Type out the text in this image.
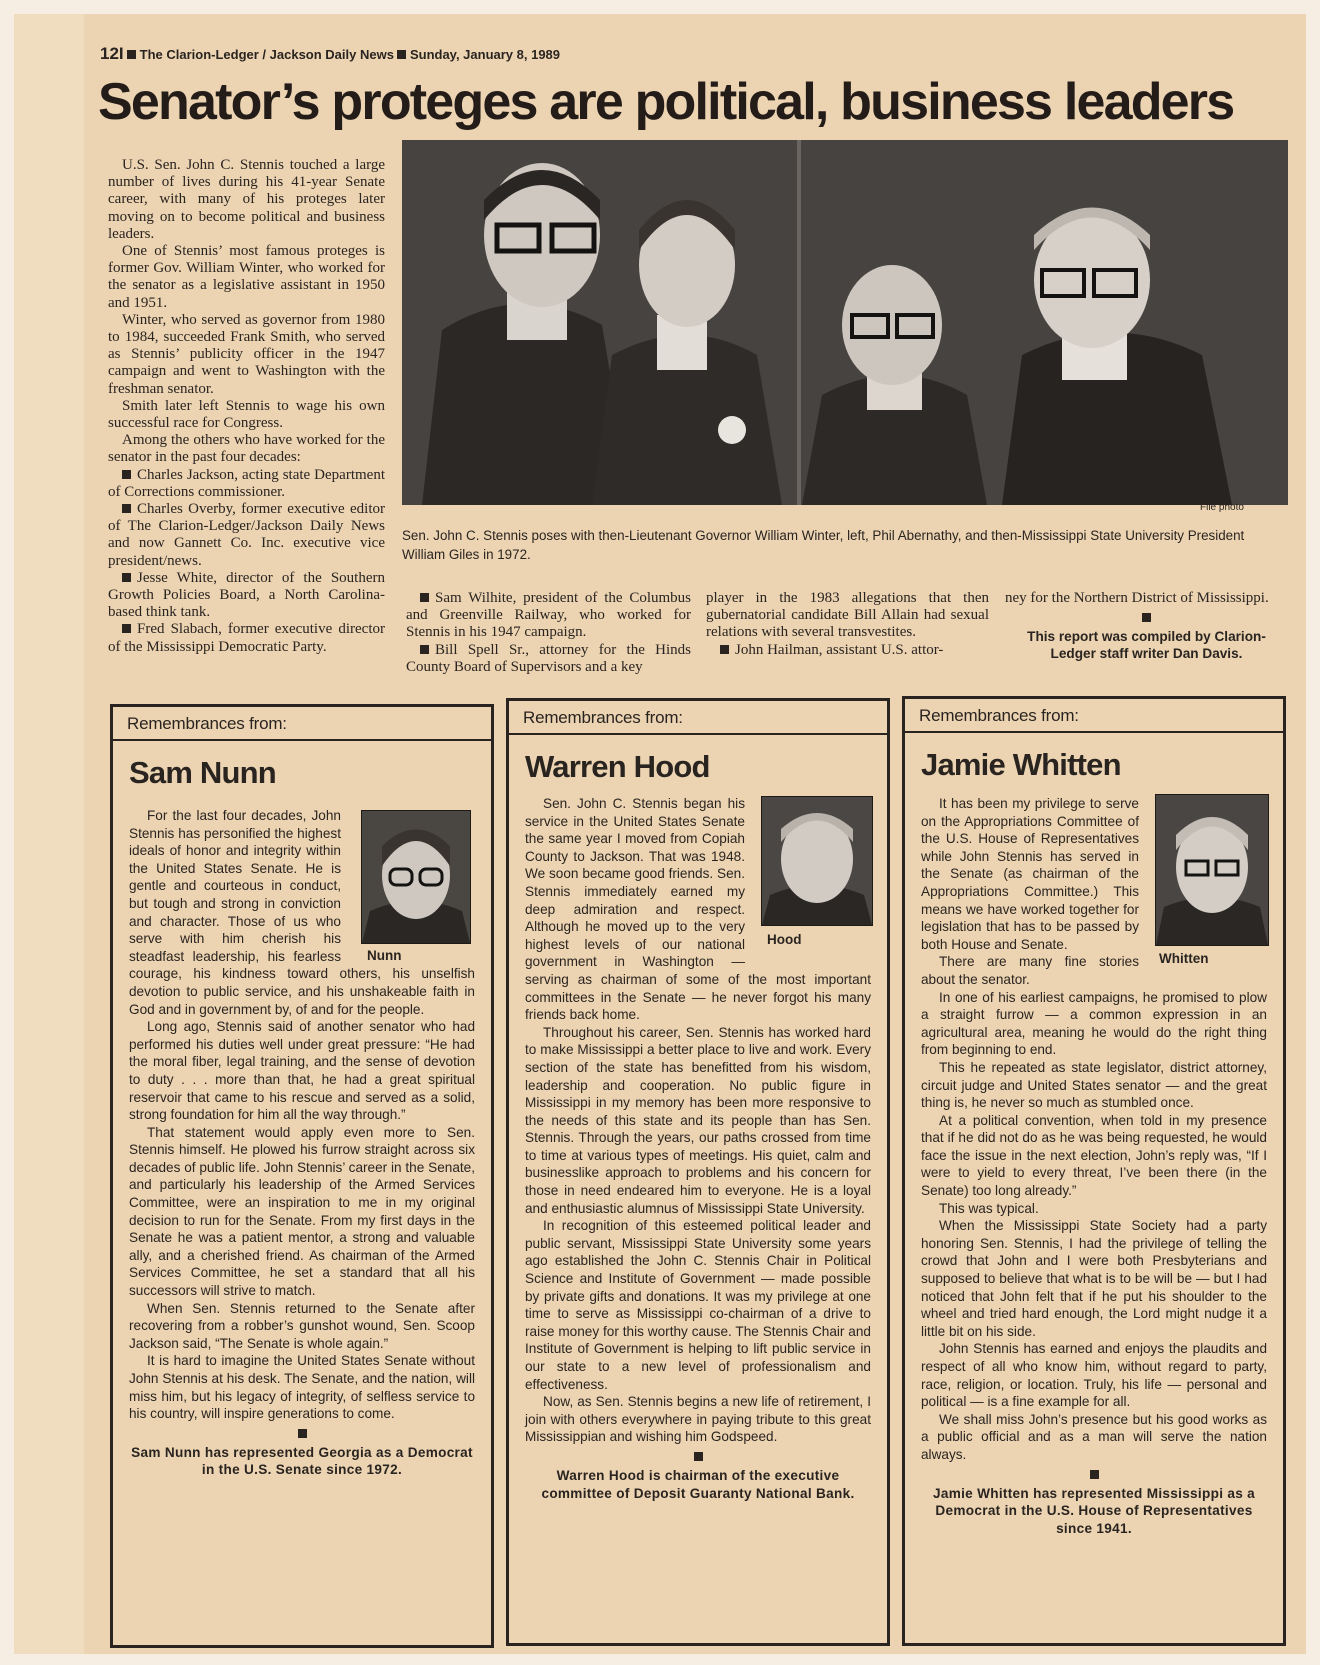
12I The Clarion-Ledger / Jackson Daily News Sunday, January 8, 1989
Senator’s proteges are political, business leaders

U.S. Sen. John C. Stennis touched a large number of lives during his 41-year Senate career, with many of his proteges later moving on to become political and business leaders.

One of Stennis’ most famous proteges is former Gov. William Winter, who worked for the senator as a legislative assistant in 1950 and 1951.

Winter, who served as governor from 1980 to 1984, succeeded Frank Smith, who served as Stennis’ publicity officer in the 1947 campaign and went to Washington with the freshman senator.

Smith later left Stennis to wage his own successful race for Congress.

Among the others who have worked for the senator in the past four decades:

Charles Jackson, acting state Department of Corrections commissioner.

Charles Overby, former executive editor of The Clarion-Ledger/Jackson Daily News and now Gannett Co. Inc. executive vice president/news.

Jesse White, director of the Southern Growth Policies Board, a North Carolina-based think tank.

Fred Slabach, former executive director of the Mississippi Democratic Party.

File photo
Sen. John C. Stennis poses with then-Lieutenant Governor William Winter, left, Phil Abernathy, and then-Mississippi State University President William Giles in 1972.

Sam Wilhite, president of the Columbus and Greenville Railway, who worked for Stennis in his 1947 campaign.

Bill Spell Sr., attorney for the Hinds County Board of Supervisors and a key

player in the 1983 allegations that then gubernatorial candidate Bill Allain had sexual relations with several transvestites.

John Hailman, assistant U.S. attor-

ney for the Northern District of Mississippi.

This report was compiled by Clarion-Ledger staff writer Dan Davis.
Remembrances from:
Sam Nunn
Nunn

For the last four decades, John Stennis has personified the highest ideals of honor and integrity within the United States Senate. He is gentle and courteous in conduct, but tough and strong in conviction and character. Those of us who serve with him cherish his steadfast leadership, his fearless courage, his kindness toward others, his unselfish devotion to public service, and his unshakeable faith in God and in government by, of and for the people.

Long ago, Stennis said of another senator who had performed his duties well under great pressure: “He had the moral fiber, legal training, and the sense of devotion to duty . . . more than that, he had a great spiritual reservoir that came to his rescue and served as a solid, strong foundation for him all the way through.”

That statement would apply even more to Sen. Stennis himself. He plowed his furrow straight across six decades of public life. John Stennis’ career in the Senate, and particularly his leadership of the Armed Services Committee, were an inspiration to me in my original decision to run for the Senate. From my first days in the Senate he was a patient mentor, a strong and valuable ally, and a cherished friend. As chairman of the Armed Services Committee, he set a standard that all his successors will strive to match.

When Sen. Stennis returned to the Senate after recovering from a robber’s gunshot wound, Sen. Scoop Jackson said, “The Senate is whole again.”

It is hard to imagine the United States Senate without John Stennis at his desk. The Senate, and the nation, will miss him, but his legacy of integrity, of selfless service to his country, will inspire generations to come.

Sam Nunn has represented Georgia as a Democrat in the U.S. Senate since 1972.
Remembrances from:
Warren Hood
Hood

Sen. John C. Stennis began his service in the United States Senate the same year I moved from Copiah County to Jackson. That was 1948. We soon became good friends. Sen. Stennis immediately earned my deep admiration and respect. Although he moved up to the very highest levels of our national government in Washington — serving as chairman of some of the most important committees in the Senate — he never forgot his many friends back home.

Throughout his career, Sen. Stennis has worked hard to make Mississippi a better place to live and work. Every section of the state has benefitted from his wisdom, leadership and cooperation. No public figure in Mississippi in my memory has been more responsive to the needs of this state and its people than has Sen. Stennis. Through the years, our paths crossed from time to time at various types of meetings. His quiet, calm and businesslike approach to problems and his concern for those in need endeared him to everyone. He is a loyal and enthusiastic alumnus of Mississippi State University.

In recognition of this esteemed political leader and public servant, Mississippi State University some years ago established the John C. Stennis Chair in Political Science and Institute of Government — made possible by private gifts and donations. It was my privilege at one time to serve as Mississippi co-chairman of a drive to raise money for this worthy cause. The Stennis Chair and Institute of Government is helping to lift public service in our state to a new level of professionalism and effectiveness.

Now, as Sen. Stennis begins a new life of retirement, I join with others everywhere in paying tribute to this great Mississippian and wishing him Godspeed.

Warren Hood is chairman of the executive committee of Deposit Guaranty National Bank.
Remembrances from:
Jamie Whitten
Whitten

It has been my privilege to serve on the Appropriations Committee of the U.S. House of Representatives while John Stennis has served in the Senate (as chairman of the Appropriations Committee.) This means we have worked together for legislation that has to be passed by both House and Senate.

There are many fine stories about the senator.

In one of his earliest campaigns, he promised to plow a straight furrow — a common expression in an agricultural area, meaning he would do the right thing from beginning to end.

This he repeated as state legislator, district attorney, circuit judge and United States senator — and the great thing is, he never so much as stumbled once.

At a political convention, when told in my presence that if he did not do as he was being requested, he would face the issue in the next election, John’s reply was, “If I were to yield to every threat, I’ve been there (in the Senate) too long already.”

This was typical.

When the Mississippi State Society had a party honoring Sen. Stennis, I had the privilege of telling the crowd that John and I were both Presbyterians and supposed to believe that what is to be will be — but I had noticed that John felt that if he put his shoulder to the wheel and tried hard enough, the Lord might nudge it a little bit on his side.

John Stennis has earned and enjoys the plaudits and respect of all who know him, without regard to party, race, religion, or location. Truly, his life — personal and political — is a fine example for all.

We shall miss John’s presence but his good works as a public official and as a man will serve the nation always.

Jamie Whitten has represented Mississippi as a Democrat in the U.S. House of Representatives since 1941.
